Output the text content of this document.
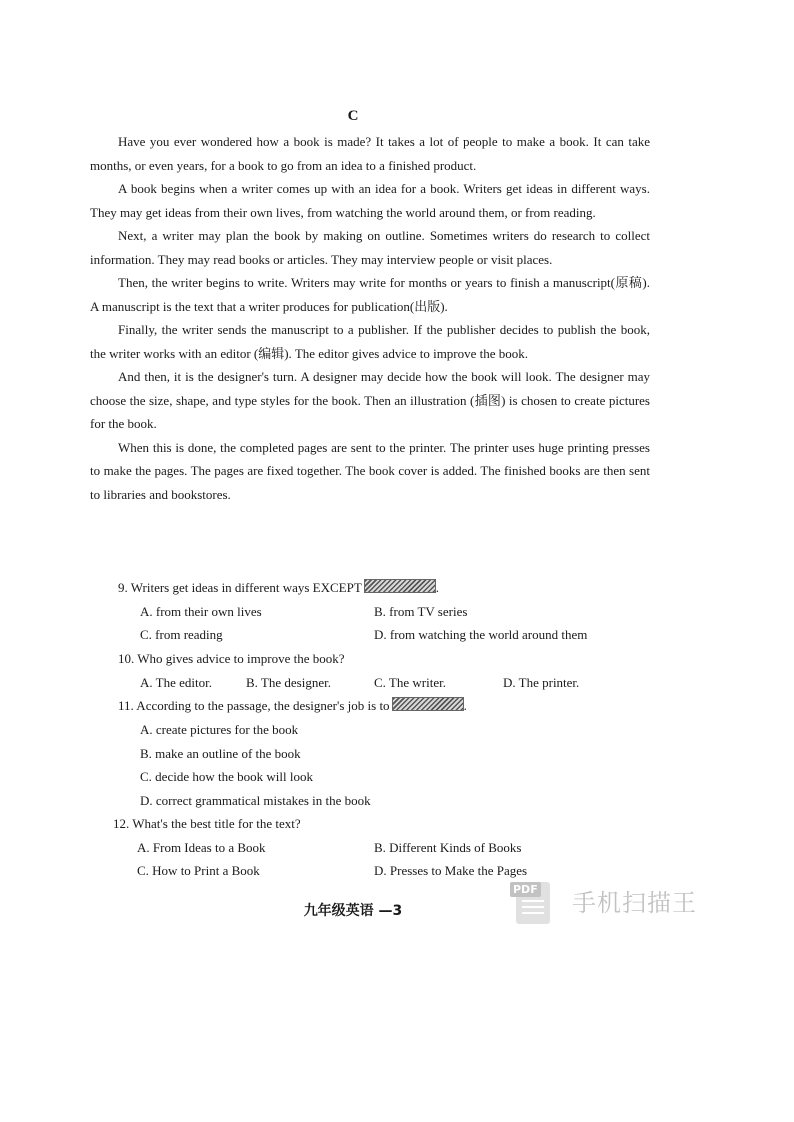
C

Have you ever wondered how a book is made? It takes a lot of people to make a book. It can take months, or even years, for a book to go from an idea to a finished product.

A book begins when a writer comes up with an idea for a book. Writers get ideas in different ways. They may get ideas from their own lives, from watching the world around them, or from reading.

Next, a writer may plan the book by making on outline. Sometimes writers do research to collect information. They may read books or articles. They may interview people or visit places.

Then, the writer begins to write. Writers may write for months or years to finish a manuscript(原稿). A manuscript is the text that a writer produces for publication(出版).

Finally, the writer sends the manuscript to a publisher. If the publisher decides to publish the book, the writer works with an editor (编辑). The editor gives advice to improve the book.

And then, it is the designer's turn. A designer may decide how the book will look. The designer may choose the size, shape, and type styles for the book. Then an illustration (插图) is chosen to create pictures for the book.

When this is done, the completed pages are sent to the printer. The printer uses huge printing presses to make the pages. The pages are fixed together. The book cover is added. The finished books are then sent to libraries and bookstores.

9. Writers get ideas in different ways EXCEPT	.
A. from their own lives	B. from TV series
C. from reading	D. from watching the world around them
10. Who gives advice to improve the book?
A. The editor.	B. The designer.	C. The writer.	D. The printer.
11. According to the passage, the designer's job is to	.
A. create pictures for the book
B. make an outline of the book
C. decide how the book will look
D. correct grammatical mistakes in the book
12. What's the best title for the text?
A. From Ideas to a Book	B. Different Kinds of Books
C. How to Print a Book	D. Presses to Make the Pages
九年级英语 —3
PDF 手机扫描王
